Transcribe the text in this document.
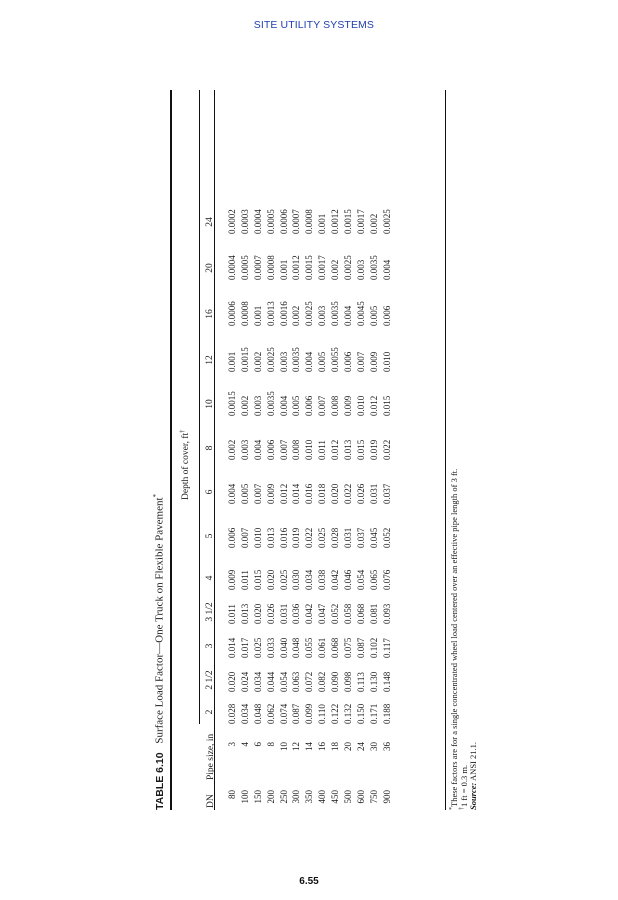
SITE UTILITY SYSTEMS
TABLE 6.10 Surface Load Factor—One Truck on Flexible Pavement*
DN
Pipe size, in
Depth of cover, ft†
2
2 1/2
3
3 1/2
4
5
6
8
10
12
16
20
24
80 100 150 200 250 300 350 400 450 500 600 750 900
3 4 6 8 10 12 14 16 18 20 24 30 36
0.028 0.034 0.048 0.062 0.074 0.087 0.099 0.110 0.122 0.132 0.150 0.171 0.188
0.020 0.024 0.034 0.044 0.054 0.063 0.072 0.082 0.090 0.098 0.113 0.130 0.148
0.014 0.017 0.025 0.033 0.040 0.048 0.055 0.061 0.068 0.075 0.087 0.102 0.117
0.011 0.013 0.020 0.026 0.031 0.036 0.042 0.047 0.052 0.058 0.068 0.081 0.093
0.009 0.011 0.015 0.020 0.025 0.030 0.034 0.038 0.042 0.046 0.054 0.065 0.076
0.006 0.007 0.010 0.013 0.016 0.019 0.022 0.025 0.028 0.031 0.037 0.045 0.052
0.004 0.005 0.007 0.009 0.012 0.014 0.016 0.018 0.020 0.022 0.026 0.031 0.037
0.002 0.003 0.004 0.006 0.007 0.008 0.010 0.011 0.012 0.013 0.015 0.019 0.022
0.0015 0.002 0.003 0.0035 0.004 0.005 0.006 0.007 0.008 0.009 0.010 0.012 0.015
0.001 0.0015 0.002 0.0025 0.003 0.0035 0.004 0.005 0.0055 0.006 0.007 0.009 0.010
0.0006 0.0008 0.001 0.0013 0.0016 0.002 0.0025 0.003 0.0035 0.004 0.0045 0.005 0.006
0.0004 0.0005 0.0007 0.0008 0.001 0.0012 0.0015 0.0017 0.002 0.0025 0.003 0.0035 0.004
0.0002 0.0003 0.0004 0.0005 0.0006 0.0007 0.0008 0.001 0.0012 0.0015 0.0017 0.002 0.0025
*These factors are for a single concentrated wheel load centered over an effective pipe length of 3 ft.
†1 ft = 0.3 m. Source: ANSI 21.1.
6.55
